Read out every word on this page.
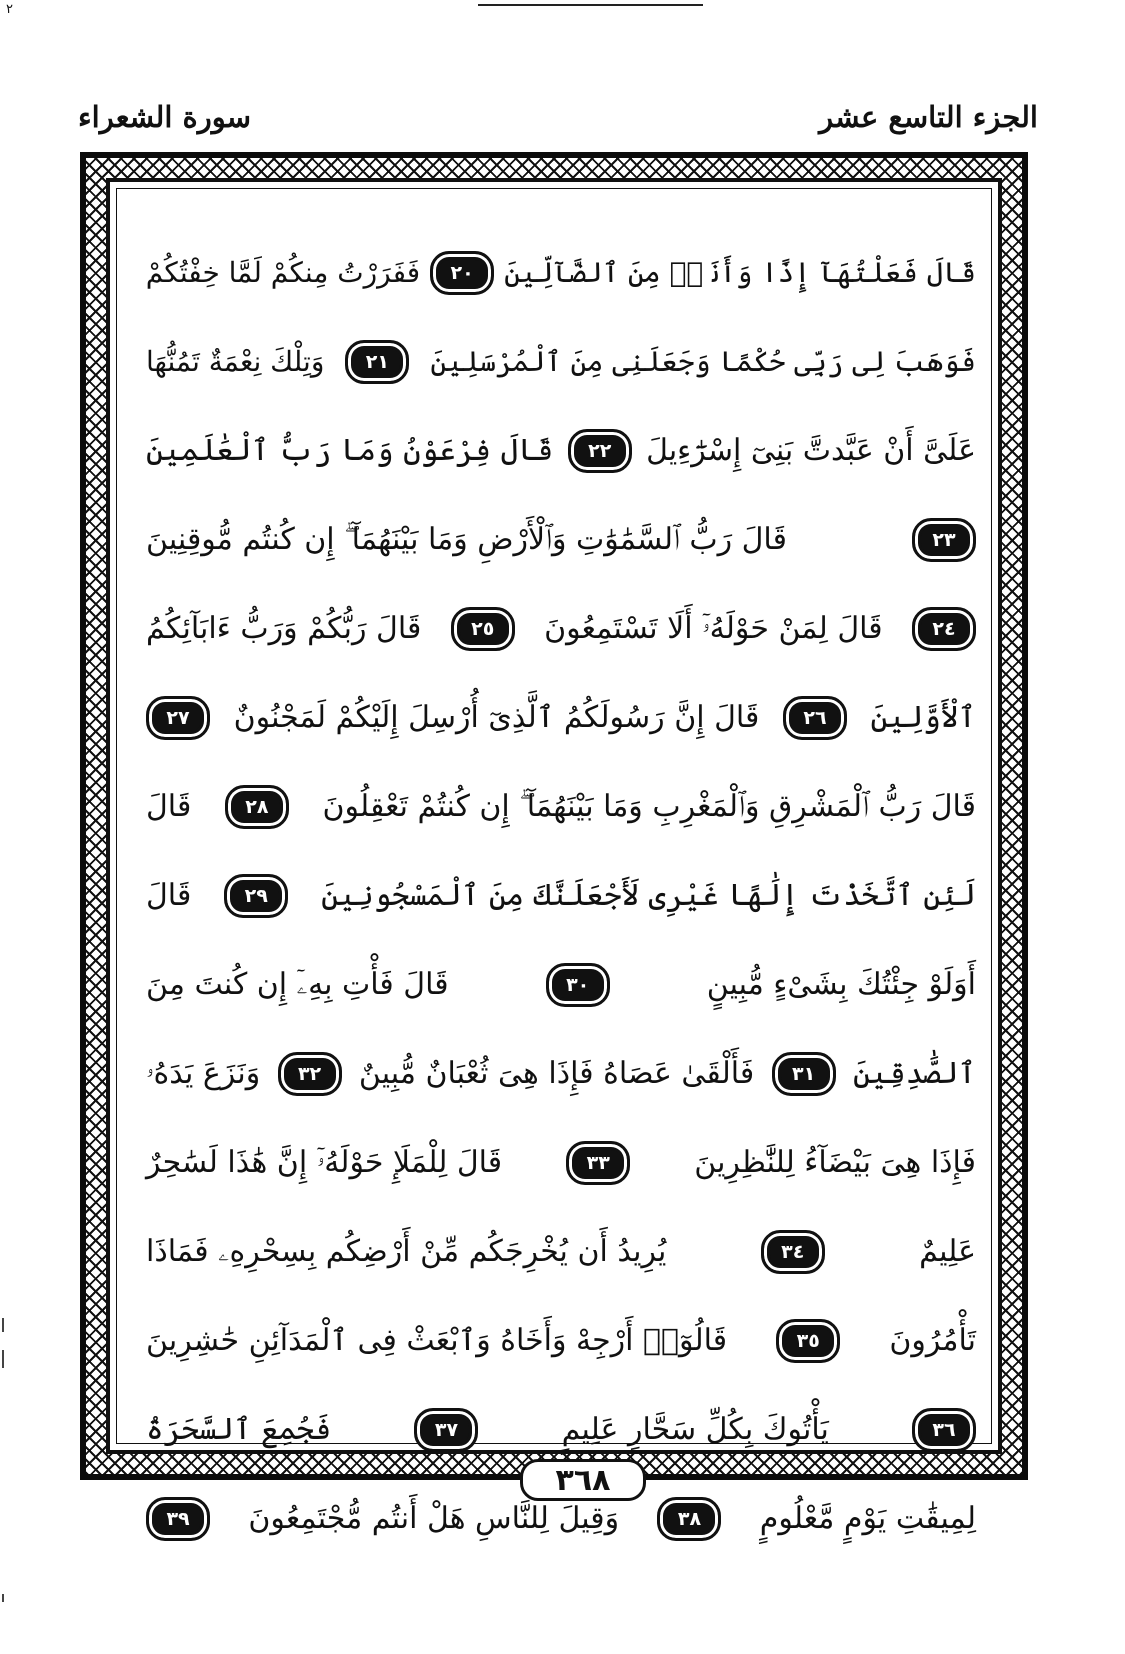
٢
الجزء التاسع عشر
سورة الشعراء
قَالَ فَعَلْتُهَآ إِذًا وَأَنَا۠ مِنَ ٱلضَّآلِّينَ
٢٠
فَفَرَرْتُ مِنكُمْ لَمَّا خِفْتُكُمْ
فَوَهَبَ لِى رَبِّى حُكْمًا وَجَعَلَنِى مِنَ ٱلْمُرْسَلِينَ
٢١
وَتِلْكَ نِعْمَةٌ تَمُنُّهَا
عَلَىَّ أَنْ عَبَّدتَّ بَنِىٓ إِسْرَٰٓءِيلَ
٢٢
قَالَ فِرْعَوْنُ وَمَا رَبُّ ٱلْعَٰلَمِينَ
٢٣
قَالَ رَبُّ ٱلسَّمَٰوَٰتِ وَٱلْأَرْضِ وَمَا بَيْنَهُمَآ ۖ إِن كُنتُم مُّوقِنِينَ
٢٤
قَالَ لِمَنْ حَوْلَهُۥٓ أَلَا تَسْتَمِعُونَ
٢٥
قَالَ رَبُّكُمْ وَرَبُّ ءَابَآئِكُمُ
ٱلْأَوَّلِينَ
٢٦
قَالَ إِنَّ رَسُولَكُمُ ٱلَّذِىٓ أُرْسِلَ إِلَيْكُمْ لَمَجْنُونٌ
٢٧
قَالَ رَبُّ ٱلْمَشْرِقِ وَٱلْمَغْرِبِ وَمَا بَيْنَهُمَآ ۖ إِن كُنتُمْ تَعْقِلُونَ
٢٨
قَالَ
لَئِنِ ٱتَّخَذْتَ إِلَٰهًا غَيْرِى لَأَجْعَلَنَّكَ مِنَ ٱلْمَسْجُونِينَ
٢٩
قَالَ
أَوَلَوْ جِئْتُكَ بِشَىْءٍ مُّبِينٍ
٣٠
قَالَ فَأْتِ بِهِۦٓ إِن كُنتَ مِنَ
ٱلصَّٰدِقِينَ
٣١
فَأَلْقَىٰ عَصَاهُ فَإِذَا هِىَ ثُعْبَانٌ مُّبِينٌ
٣٢
وَنَزَعَ يَدَهُۥ
فَإِذَا هِىَ بَيْضَآءُ لِلنَّٰظِرِينَ
٣٣
قَالَ لِلْمَلَإِ حَوْلَهُۥٓ إِنَّ هَٰذَا لَسَٰحِرٌ
عَلِيمٌ
٣٤
يُرِيدُ أَن يُخْرِجَكُم مِّنْ أَرْضِكُم بِسِحْرِهِۦ فَمَاذَا
تَأْمُرُونَ
٣٥
قَالُوٓا۟ أَرْجِهْ وَأَخَاهُ وَٱبْعَثْ فِى ٱلْمَدَآئِنِ حَٰشِرِينَ
٣٦
يَأْتُوكَ بِكُلِّ سَحَّارٍ عَلِيمٍ
٣٧
فَجُمِعَ ٱلسَّحَرَةُ
لِمِيقَٰتِ يَوْمٍ مَّعْلُومٍ
٣٨
وَقِيلَ لِلنَّاسِ هَلْ أَنتُم مُّجْتَمِعُونَ
٣٩
٣٦٨
